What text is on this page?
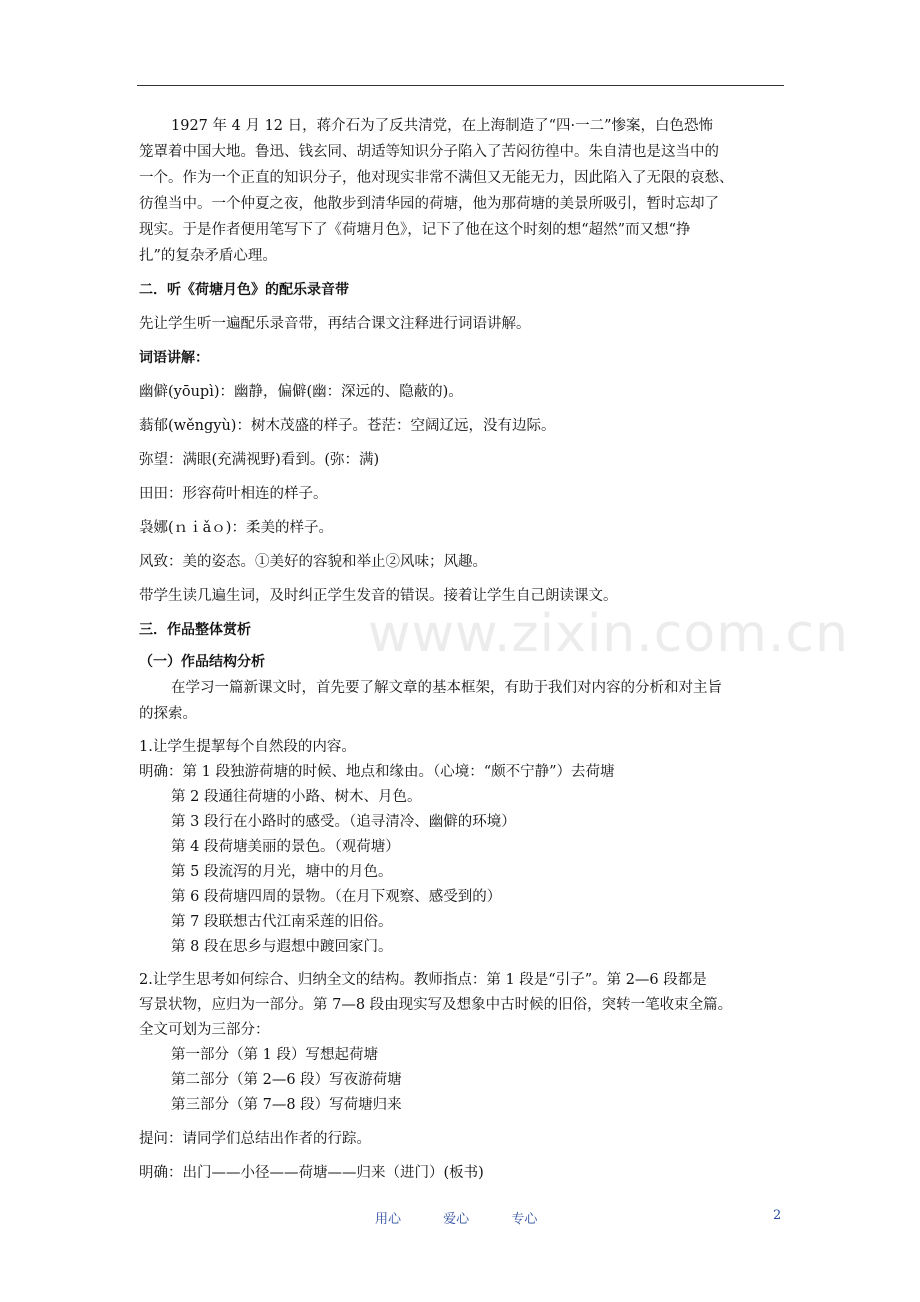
www.zixin.com.cn

1927 年 4 月 12 日，蒋介石为了反共清党，在上海制造了“四·一二”惨案，白色恐怖

笼罩着中国大地。鲁迅、钱玄同、胡适等知识分子陷入了苦闷彷徨中。朱自清也是这当中的

一个。作为一个正直的知识分子，他对现实非常不满但又无能无力，因此陷入了无限的哀愁、

彷徨当中。一个仲夏之夜，他散步到清华园的荷塘，他为那荷塘的美景所吸引，暂时忘却了

现实。于是作者便用笔写下了《荷塘月色》，记下了他在这个时刻的想“超然”而又想“挣

扎”的复杂矛盾心理。

二．听《荷塘月色》的配乐录音带

先让学生听一遍配乐录音带，再结合课文注释进行词语讲解。

词语讲解：

幽僻(yōupì)：幽静，偏僻(幽：深远的、隐蔽的)。

蓊郁(wěngyù)：树木茂盛的样子。苍茫：空阔辽远，没有边际。

弥望：满眼(充满视野)看到。(弥：满)

田田：形容荷叶相连的样子。

袅娜(ｎｉǎｏ)：柔美的样子。

风致：美的姿态。①美好的容貌和举止②风味；风趣。

带学生读几遍生词，及时纠正学生发音的错误。接着让学生自己朗读课文。

三．作品整体赏析

（一）作品结构分析

在学习一篇新课文时，首先要了解文章的基本框架，有助于我们对内容的分析和对主旨

的探索。

1.让学生提挈每个自然段的内容。

明确：第 1 段独游荷塘的时候、地点和缘由。（心境：“颇不宁静”）去荷塘

第 2 段通往荷塘的小路、树木、月色。

第 3 段行在小路时的感受。（追寻清冷、幽僻的环境）

第 4 段荷塘美丽的景色。（观荷塘）

第 5 段流泻的月光，塘中的月色。

第 6 段荷塘四周的景物。（在月下观察、感受到的）

第 7 段联想古代江南采莲的旧俗。

第 8 段在思乡与遐想中踱回家门。

2.让学生思考如何综合、归纳全文的结构。教师指点：第 1 段是“引子”。第 2—6 段都是

写景状物，应归为一部分。第 7—8 段由现实写及想象中古时候的旧俗，突转一笔收束全篇。

全文可划为三部分：

第一部分（第 1 段）写想起荷塘

第二部分（第 2—6 段）写夜游荷塘

第三部分（第 7—8 段）写荷塘归来

提问：请同学们总结出作者的行踪。

明确：出门——小径——荷塘——归来（进门）(板书)

用心	爱心	专心	2
